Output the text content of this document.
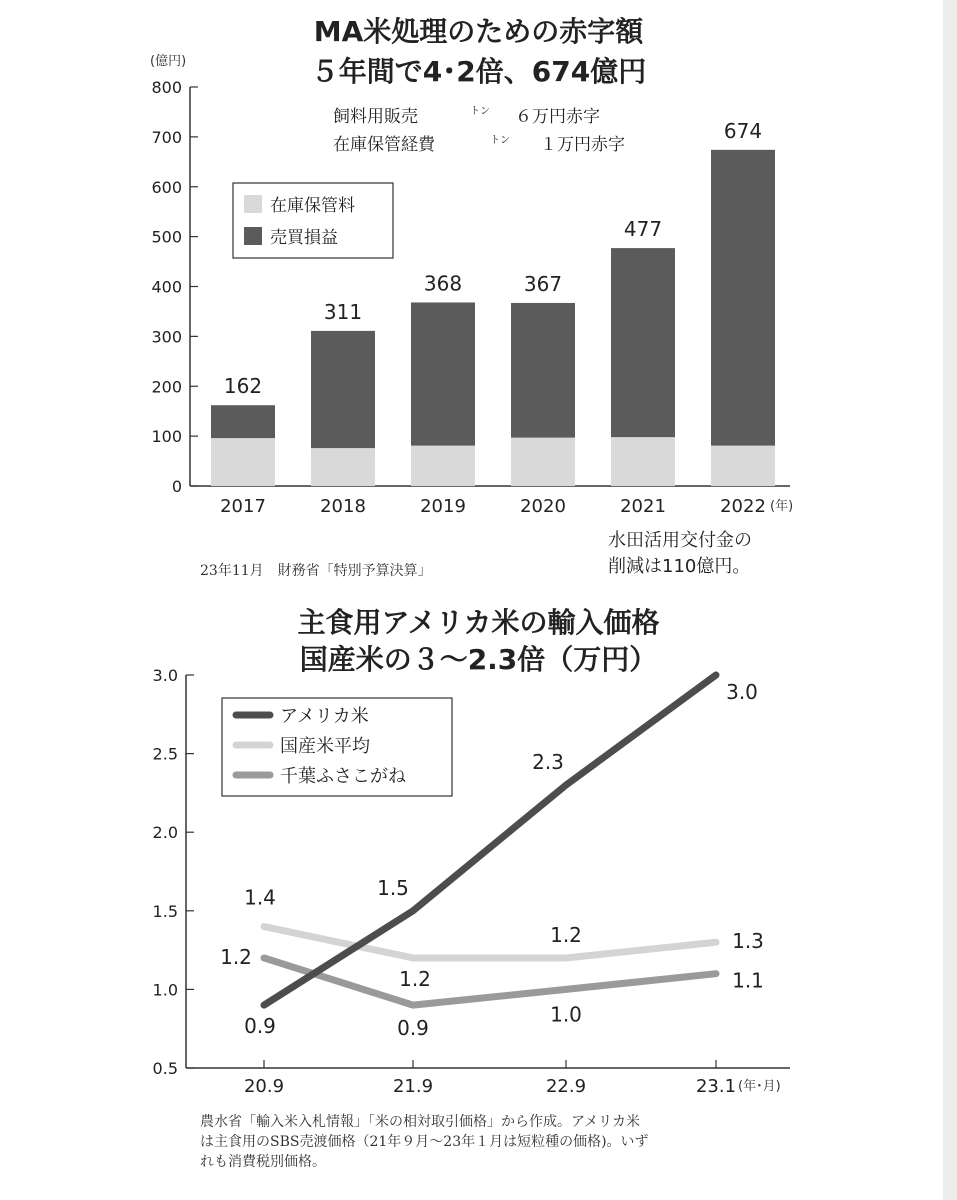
MA米処理のための赤字額
５年間で4･2倍、674億円
(億円)
0
100
200
300
400
500
600
700
800
162
311
368	367
477
674
2017	2018	2019	2020	2021	2022 (年)
飼料用販売	トン ６万円赤字
在庫保管経費	トン １万円赤字
在庫保管料
売買損益
23年11月　財務省「特別予算決算」
水田活用交付金の
削減は110億円。
主食用アメリカ米の輸入価格
国産米の３～2.3倍（万円）
0.5
1.0
1.5
2.0
2.5
3.0
20.9	21.9	22.9	23.1 (年･月)
0.9
1.5
2.3
3.0
1.4
1.2	1.3
1.2
0.9
1.0
1.1
1.2
アメリカ米
国産米平均
千葉ふさこがね
農水省「輸入米入札情報」「米の相対取引価格」から作成。アメリカ米
は主食用のSBS売渡価格（21年９月～23年１月は短粒種の価格)。いず
れも消費税別価格。
